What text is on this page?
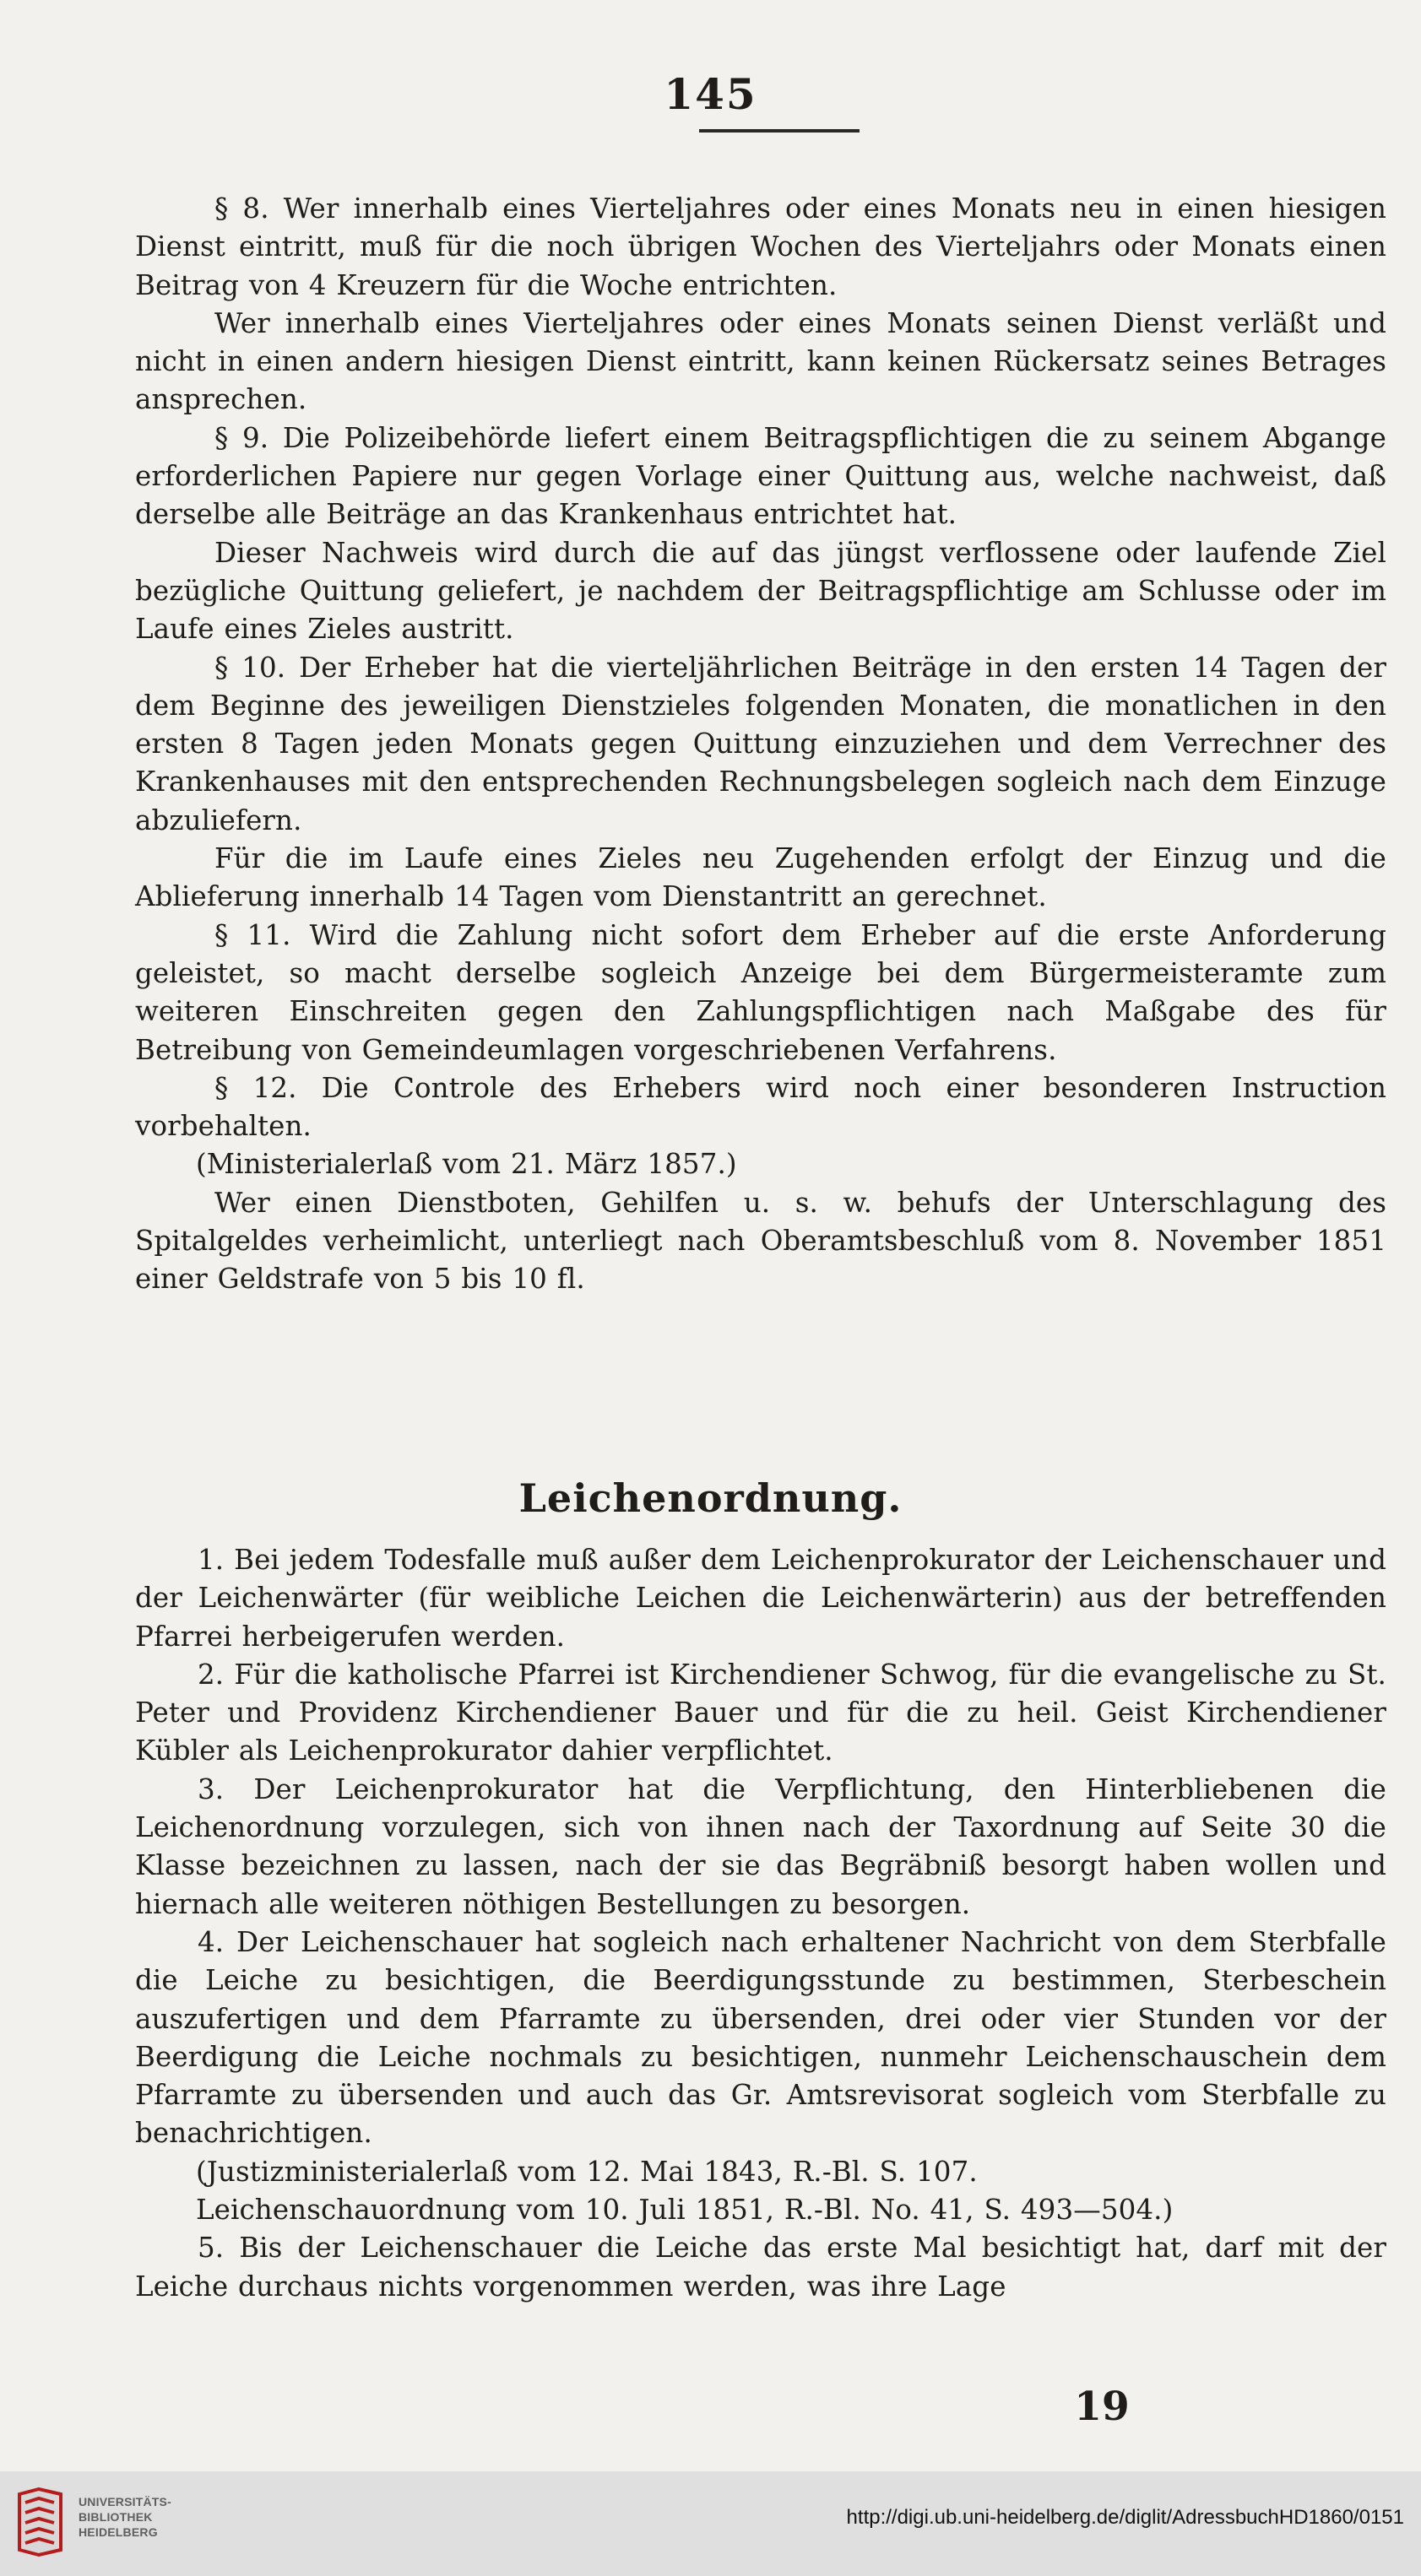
145

§ 8. Wer innerhalb eines Vierteljahres oder eines Monats neu in einen hiesigen Dienst eintritt, muß für die noch übrigen Wochen des Vierteljahrs oder Monats einen Beitrag von 4 Kreuzern für die Woche entrichten.

Wer innerhalb eines Vierteljahres oder eines Monats seinen Dienst verläßt und nicht in einen andern hiesigen Dienst eintritt, kann keinen Rückersatz seines Betrages ansprechen.

§ 9. Die Polizeibehörde liefert einem Beitragspflichtigen die zu seinem Abgange erforderlichen Papiere nur gegen Vorlage einer Quittung aus, welche nachweist, daß derselbe alle Beiträge an das Krankenhaus entrichtet hat.

Dieser Nachweis wird durch die auf das jüngst verflossene oder laufende Ziel bezügliche Quittung geliefert, je nachdem der Beitragspflichtige am Schlusse oder im Laufe eines Zieles austritt.

§ 10. Der Erheber hat die vierteljährlichen Beiträge in den ersten 14 Tagen der dem Beginne des jeweiligen Dienstzieles folgenden Monaten, die monatlichen in den ersten 8 Tagen jeden Monats gegen Quittung einzuziehen und dem Verrechner des Krankenhauses mit den entsprechenden Rechnungsbelegen sogleich nach dem Einzuge abzuliefern.

Für die im Laufe eines Zieles neu Zugehenden erfolgt der Einzug und die Ablieferung innerhalb 14 Tagen vom Dienstantritt an gerechnet.

§ 11. Wird die Zahlung nicht sofort dem Erheber auf die erste Anforderung geleistet, so macht derselbe sogleich Anzeige bei dem Bürgermeisteramte zum weiteren Einschreiten gegen den Zahlungspflichtigen nach Maßgabe des für Betreibung von Gemeindeumlagen vorgeschriebenen Verfahrens.

§ 12. Die Controle des Erhebers wird noch einer besonderen Instruction vorbehalten.

(Ministerialerlaß vom 21. März 1857.)

Wer einen Dienstboten, Gehilfen u. s. w. behufs der Unterschlagung des Spitalgeldes verheimlicht, unterliegt nach Oberamtsbeschluß vom 8. November 1851 einer Geldstrafe von 5 bis 10 fl.

Leichenordnung.

1. Bei jedem Todesfalle muß außer dem Leichenprokurator der Leichenschauer und der Leichenwärter (für weibliche Leichen die Leichenwärterin) aus der betreffenden Pfarrei herbeigerufen werden.

2. Für die katholische Pfarrei ist Kirchendiener Schwog, für die evangelische zu St. Peter und Providenz Kirchendiener Bauer und für die zu heil. Geist Kirchendiener Kübler als Leichenprokurator dahier verpflichtet.

3. Der Leichenprokurator hat die Verpflichtung, den Hinterbliebenen die Leichenordnung vorzulegen, sich von ihnen nach der Taxordnung auf Seite 30 die Klasse bezeichnen zu lassen, nach der sie das Begräbniß besorgt haben wollen und hiernach alle weiteren nöthigen Bestellungen zu besorgen.

4. Der Leichenschauer hat sogleich nach erhaltener Nachricht von dem Sterbfalle die Leiche zu besichtigen, die Beerdigungsstunde zu bestimmen, Sterbeschein auszufertigen und dem Pfarramte zu übersenden, drei oder vier Stunden vor der Beerdigung die Leiche nochmals zu besichtigen, nunmehr Leichenschauschein dem Pfarramte zu übersenden und auch das Gr. Amtsrevisorat sogleich vom Sterbfalle zu benachrichtigen.

(Justizministerialerlaß vom 12. Mai 1843, R.-Bl. S. 107.

Leichenschauordnung vom 10. Juli 1851, R.-Bl. No. 41, S. 493—504.)

5. Bis der Leichenschauer die Leiche das erste Mal besichtigt hat, darf mit der Leiche durchaus nichts vorgenommen werden, was ihre Lage

19
UNIVERSITÄTS-
BIBLIOTHEK
HEIDELBERG
http://digi.ub.uni-heidelberg.de/diglit/AdressbuchHD1860/0151
